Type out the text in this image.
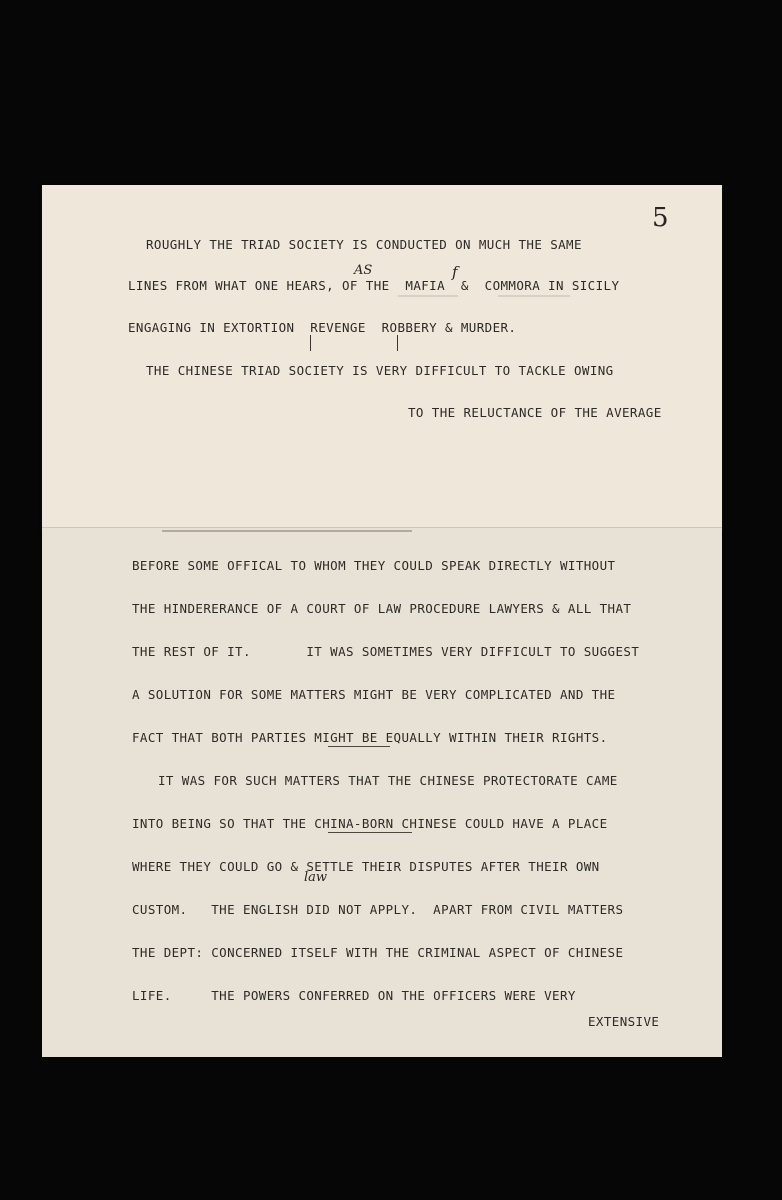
5
ROUGHLY THE TRIAD SOCIETY IS CONDUCTED ON MUCH THE SAME
AS	f
LINES FROM WHAT ONE HEARS, OF THE  MAFIA  &  COMMORA IN SICILY
ENGAGING IN EXTORTION  REVENGE  ROBBERY & MURDER.
THE CHINESE TRIAD SOCIETY IS VERY DIFFICULT TO TACKLE OWING
TO THE RELUCTANCE OF THE AVERAGE
BEFORE SOME OFFICAL TO WHOM THEY COULD SPEAK DIRECTLY WITHOUT
THE HINDERERANCE OF A COURT OF LAW PROCEDURE LAWYERS & ALL THAT
THE REST OF IT.       IT WAS SOMETIMES VERY DIFFICULT TO SUGGEST
A SOLUTION FOR SOME MATTERS MIGHT BE VERY COMPLICATED AND THE
FACT THAT BOTH PARTIES MIGHT BE EQUALLY WITHIN THEIR RIGHTS.
IT WAS FOR SUCH MATTERS THAT THE CHINESE PROTECTORATE CAME
INTO BEING SO THAT THE CHINA-BORN CHINESE COULD HAVE A PLACE
WHERE THEY COULD GO & SETTLE THEIR DISPUTES AFTER THEIR OWN
law
CUSTOM.   THE ENGLISH DID NOT APPLY.  APART FROM CIVIL MATTERS
THE DEPT: CONCERNED ITSELF WITH THE CRIMINAL ASPECT OF CHINESE
LIFE.     THE POWERS CONFERRED ON THE OFFICERS WERE VERY
EXTENSIVE
